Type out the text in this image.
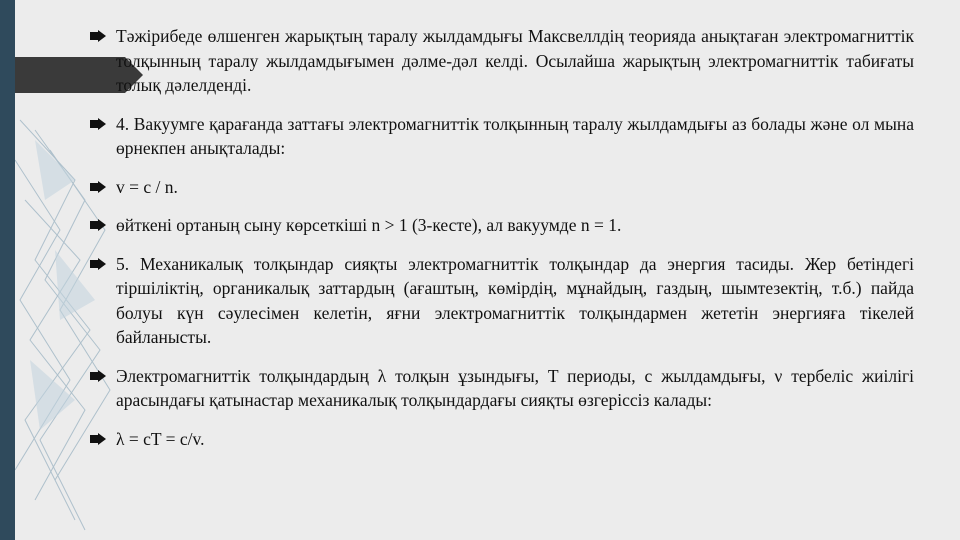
Тәжірибеде өлшенген жарықтың таралу жылдамдығы Максвеллдің теорияда анықтаған электромагниттік толқынның таралу жылдамдығымен дәлме-дәл келді. Осылайша жарықтың электромагниттік табиғаты толық дәлелденді.
4. Вакуумге қарағанда заттағы электромагниттік толқынның таралу жылдамдығы аз болады және ол мына өрнекпен анықталады:
v = c / n.
өйткені ортаның сыну көрсеткіші n > 1 (3-кесте), ал вакуумде n = 1.
5. Механикалық толқындар сияқты электромагниттік толқындар да энергия тасиды. Жер бетіндегі тіршіліктің, органикалық заттардың (ағаштың, көмірдің, мұнайдың, газдың, шымтезектің, т.б.) пайда болуы күн сәулесімен келетін, яғни электромагниттік толқындармен жететін энергияға тікелей байланысты.
Электромагниттік толқындардың λ толқын ұзындығы, T периоды, с жылдамдығы, ν тербеліс жиілігі арасындағы қатынастар механикалық толқындардағы сияқты өзгеріссіз калады:
λ = cT = c/v.
